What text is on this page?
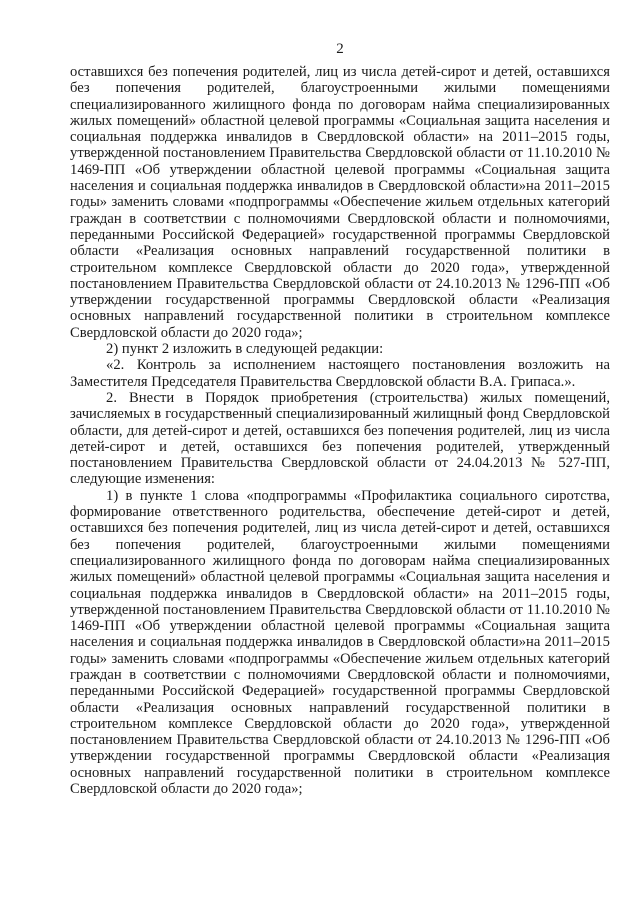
2

оставшихся без попечения родителей, лиц из числа детей-сирот и детей, оставшихся без попечения родителей, благоустроенными жилыми помещениями специализированного жилищного фонда по договорам найма специализированных жилых помещений» областной целевой программы «Социальная защита населения и социальная поддержка инвалидов в Свердловской области» на 2011–2015 годы, утвержденной постановлением Правительства Свердловской области от 11.10.2010 № 1469-ПП «Об утверждении областной целевой программы «Социальная защита населения и социальная поддержка инвалидов в Свердловской области»на 2011–2015 годы» заменить словами «подпрограммы «Обеспечение жильем отдельных категорий граждан в соответствии с полномочиями Свердловской области и полномочиями, переданными Российской Федерацией» государственной программы Свердловской области «Реализация основных направлений государственной политики в строительном комплексе Свердловской области до 2020 года», утвержденной постановлением Правительства Свердловской области от 24.10.2013 № 1296-ПП «Об утверждении государственной программы Свердловской области «Реализация основных направлений государственной политики в строительном комплексе Свердловской области до 2020 года»;

2) пункт 2 изложить в следующей редакции:

«2. Контроль за исполнением настоящего постановления возложить на Заместителя Председателя Правительства Свердловской области В.А. Грипаса.».

2. Внести в Порядок приобретения (строительства) жилых помещений, зачисляемых в государственный специализированный жилищный фонд Свердловской области, для детей-сирот и детей, оставшихся без попечения родителей, лиц из числа детей-сирот и детей, оставшихся без попечения родителей, утвержденный постановлением Правительства Свердловской области от 24.04.2013 № 527-ПП, следующие изменения:

1) в пункте 1 слова «подпрограммы «Профилактика социального сиротства, формирование ответственного родительства, обеспечение детей-сирот и детей, оставшихся без попечения родителей, лиц из числа детей-сирот и детей, оставшихся без попечения родителей, благоустроенными жилыми помещениями специализированного жилищного фонда по договорам найма специализированных жилых помещений» областной целевой программы «Социальная защита населения и социальная поддержка инвалидов в Свердловской области» на 2011–2015 годы, утвержденной постановлением Правительства Свердловской области от 11.10.2010 № 1469-ПП «Об утверждении областной целевой программы «Социальная защита населения и социальная поддержка инвалидов в Свердловской области»на 2011–2015 годы» заменить словами «подпрограммы «Обеспечение жильем отдельных категорий граждан в соответствии с полномочиями Свердловской области и полномочиями, переданными Российской Федерацией» государственной программы Свердловской области «Реализация основных направлений государственной политики в строительном комплексе Свердловской области до 2020 года», утвержденной постановлением Правительства Свердловской области от 24.10.2013 № 1296-ПП «Об утверждении государственной программы Свердловской области «Реализация основных направлений государственной политики в строительном комплексе Свердловской области до 2020 года»;
